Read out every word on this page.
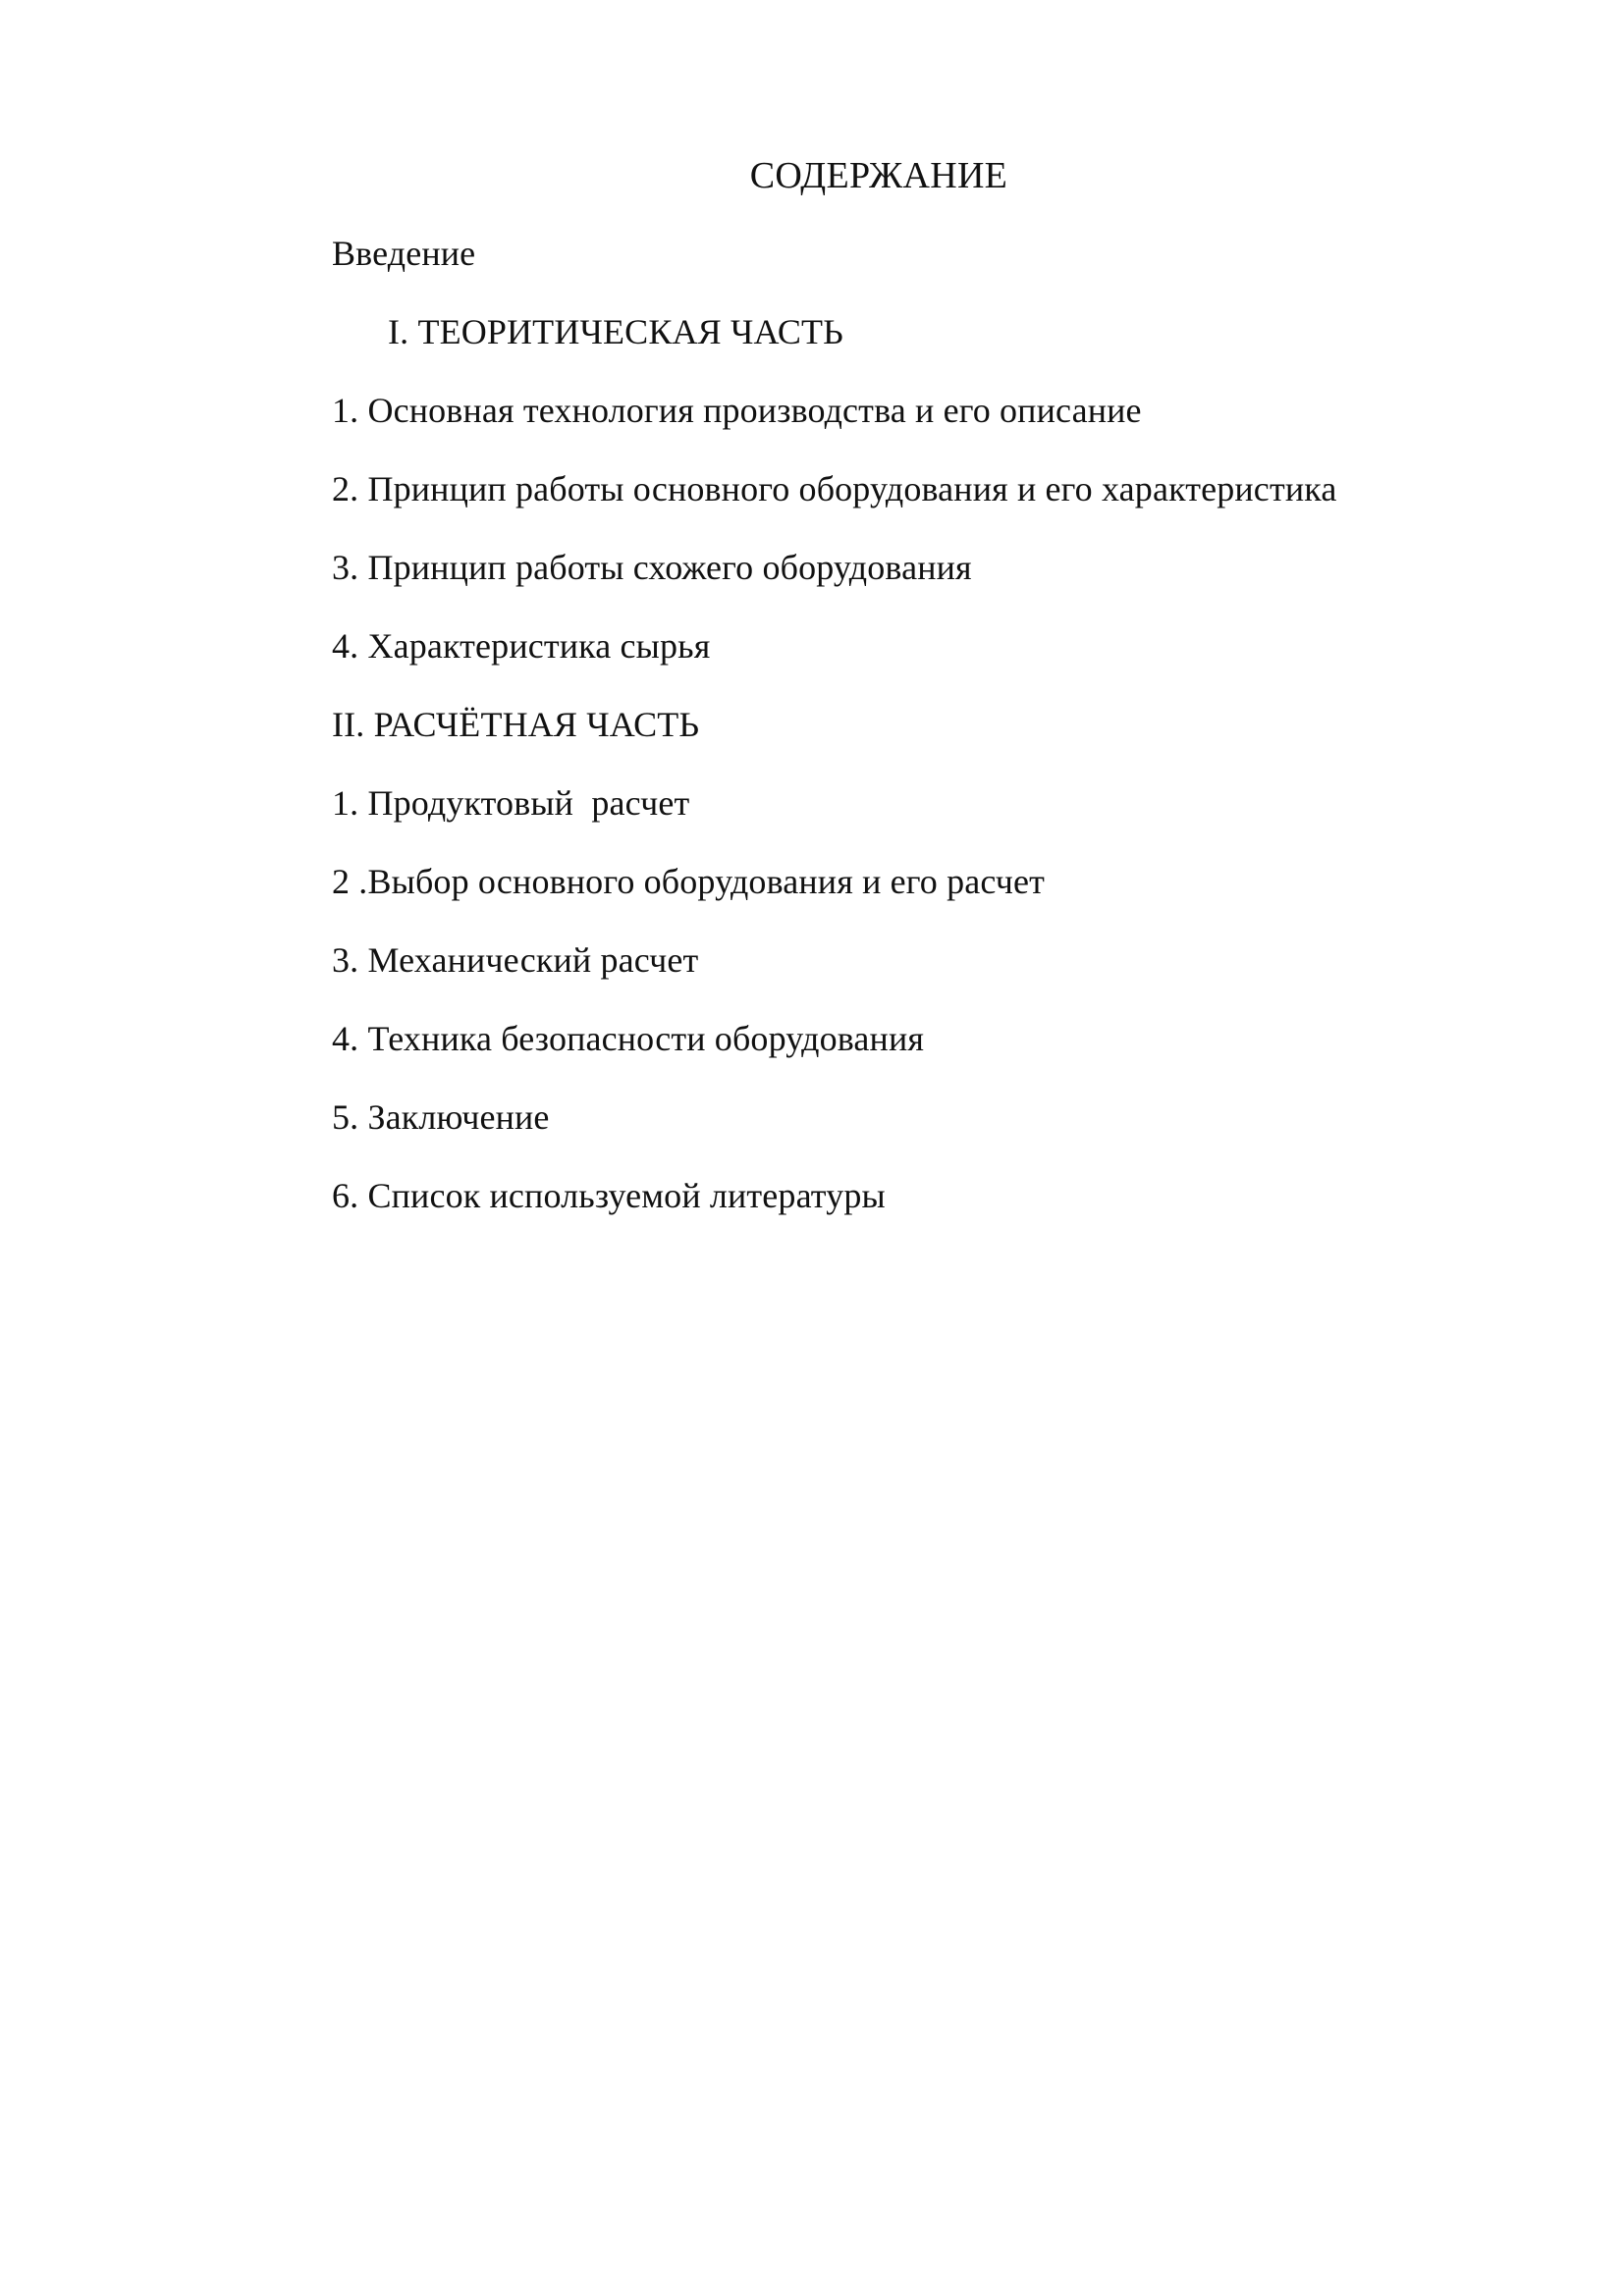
СОДЕРЖАНИЕ
Введение
I. ТЕОРИТИЧЕСКАЯ ЧАСТЬ
1. Основная технология производства и его описание
2. Принцип работы основного оборудования и его характеристика
3. Принцип работы схожего оборудования
4. Характеристика сырья
II. РАСЧЁТНАЯ ЧАСТЬ
1. Продуктовый  расчет
2 .Выбор основного оборудования и его расчет
3. Механический расчет
4. Техника безопасности оборудования
5. Заключение
6. Список используемой литературы
